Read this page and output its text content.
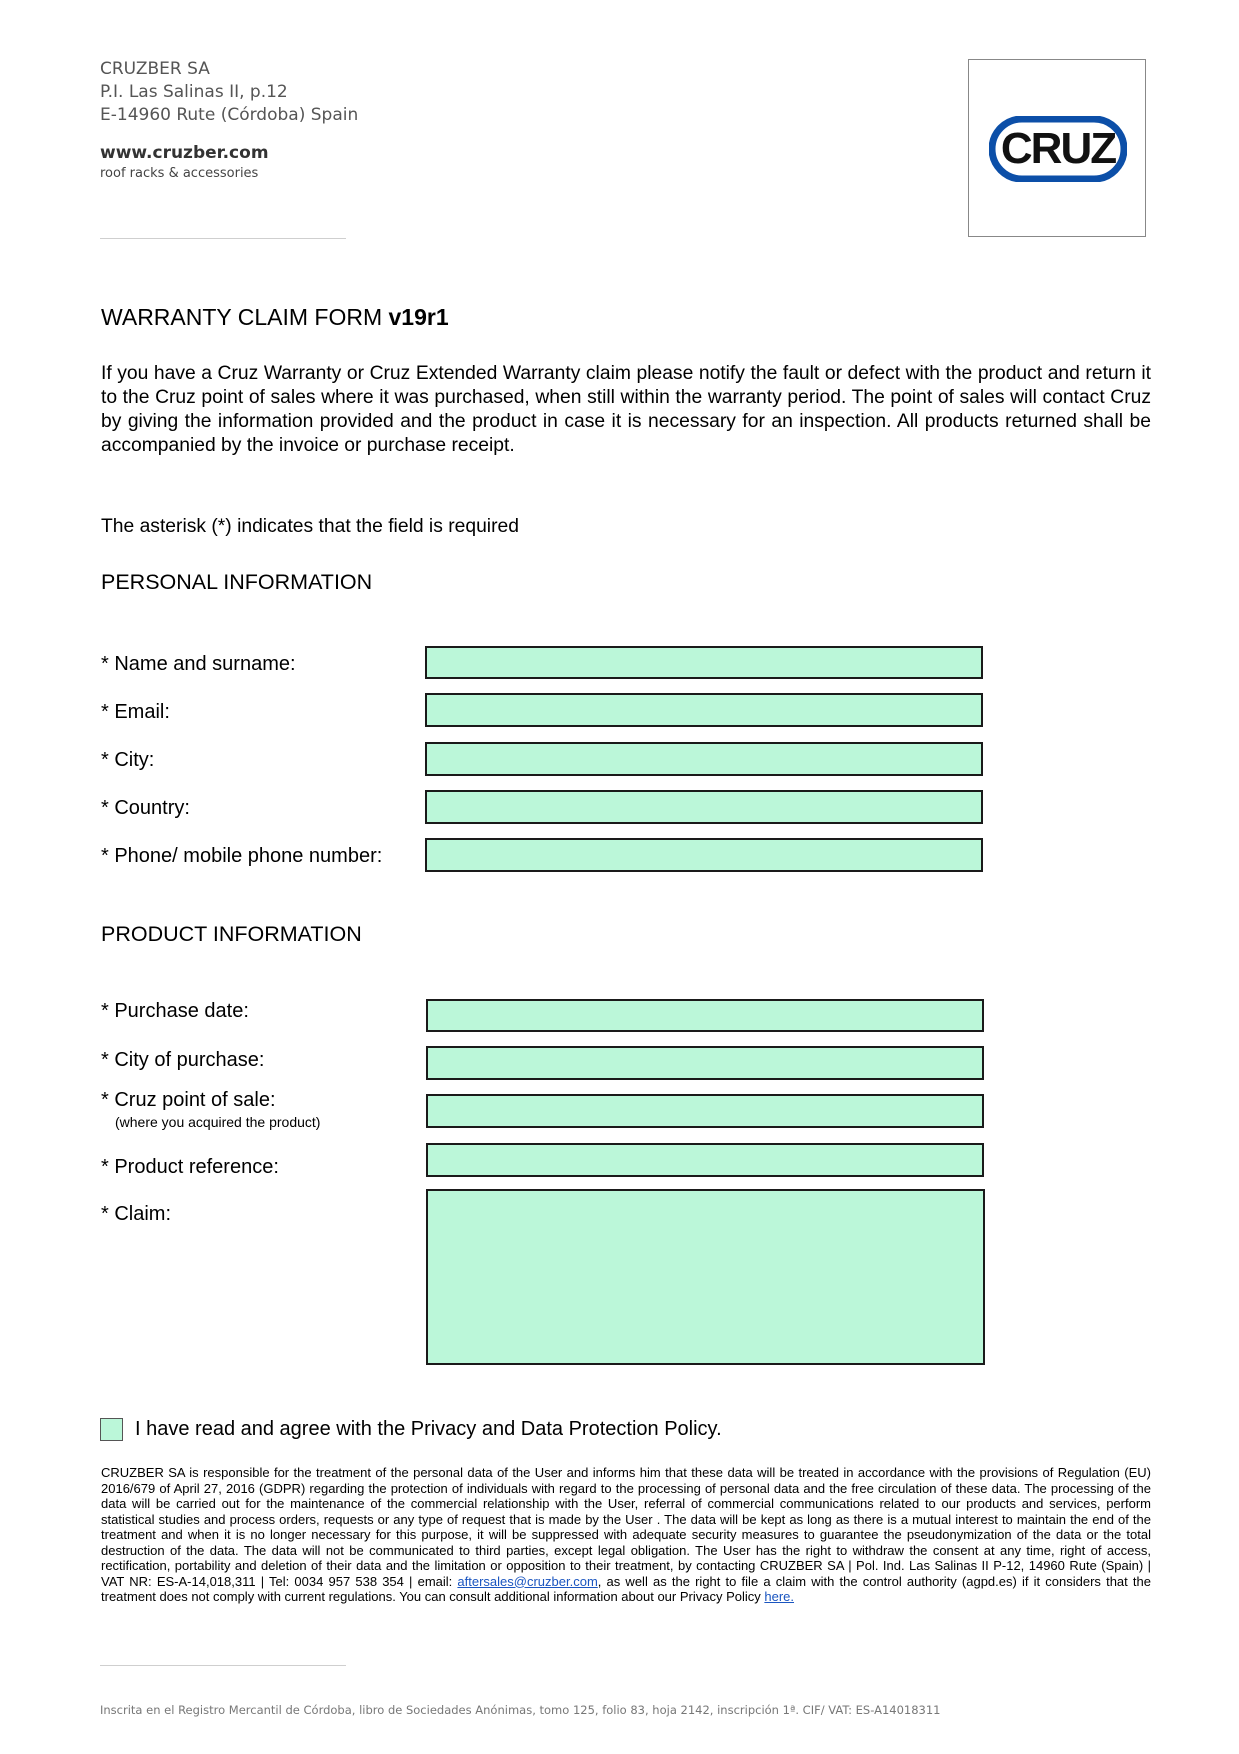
CRUZBER SA
P.I. Las Salinas II, p.12
E-14960 Rute (Córdoba) Spain
www.cruzber.com
roof racks & accessories
CRUZ
WARRANTY CLAIM FORM v19r1
If you have a Cruz Warranty or Cruz Extended Warranty claim please notify the fault or defect with the product and return it to the Cruz point of sales where it was purchased, when still within the warranty period. The point of sales will contact Cruz by giving the information provided and the product in case it is necessary for an inspection. All products returned shall be accompanied by the invoice or purchase receipt.
The asterisk (*) indicates that the field is required
PERSONAL INFORMATION
* Name and surname:
* Email:
* City:
* Country:
* Phone/ mobile phone number:
PRODUCT INFORMATION
* Purchase date:
* City of purchase:
* Cruz point of sale:
(where you acquired the product)
* Product reference:
* Claim:
I have read and agree with the Privacy and Data Protection Policy.
CRUZBER SA is responsible for the treatment of the personal data of the User and informs him that these data will be treated in accordance with the provisions of Regulation (EU) 2016/679 of April 27, 2016 (GDPR) regarding the protection of individuals with regard to the processing of personal data and the free circulation of these data. The processing of the data will be carried out for the maintenance of the commercial relationship with the User, referral of commercial communications related to our products and services, perform statistical studies and process orders, requests or any type of request that is made by the User . The data will be kept as long as there is a mutual interest to maintain the end of the treatment and when it is no longer necessary for this purpose, it will be suppressed with adequate security measures to guarantee the pseudonymization of the data or the total destruction of the data. The data will not be communicated to third parties, except legal obligation. The User has the right to withdraw the consent at any time, right of access, rectification, portability and deletion of their data and the limitation or opposition to their treatment, by contacting CRUZBER SA | Pol. Ind. Las Salinas II P-12, 14960 Rute (Spain) | VAT NR: ES-A-14,018,311 | Tel: 0034 957 538 354 | email: aftersales@cruzber.com, as well as the right to file a claim with the control authority (agpd.es) if it considers that the treatment does not comply with current regulations. You can consult additional information about our Privacy Policy here.
Inscrita en el Registro Mercantil de Córdoba, libro de Sociedades Anónimas, tomo 125, folio 83, hoja 2142, inscripción 1ª. CIF/ VAT: ES-A14018311
